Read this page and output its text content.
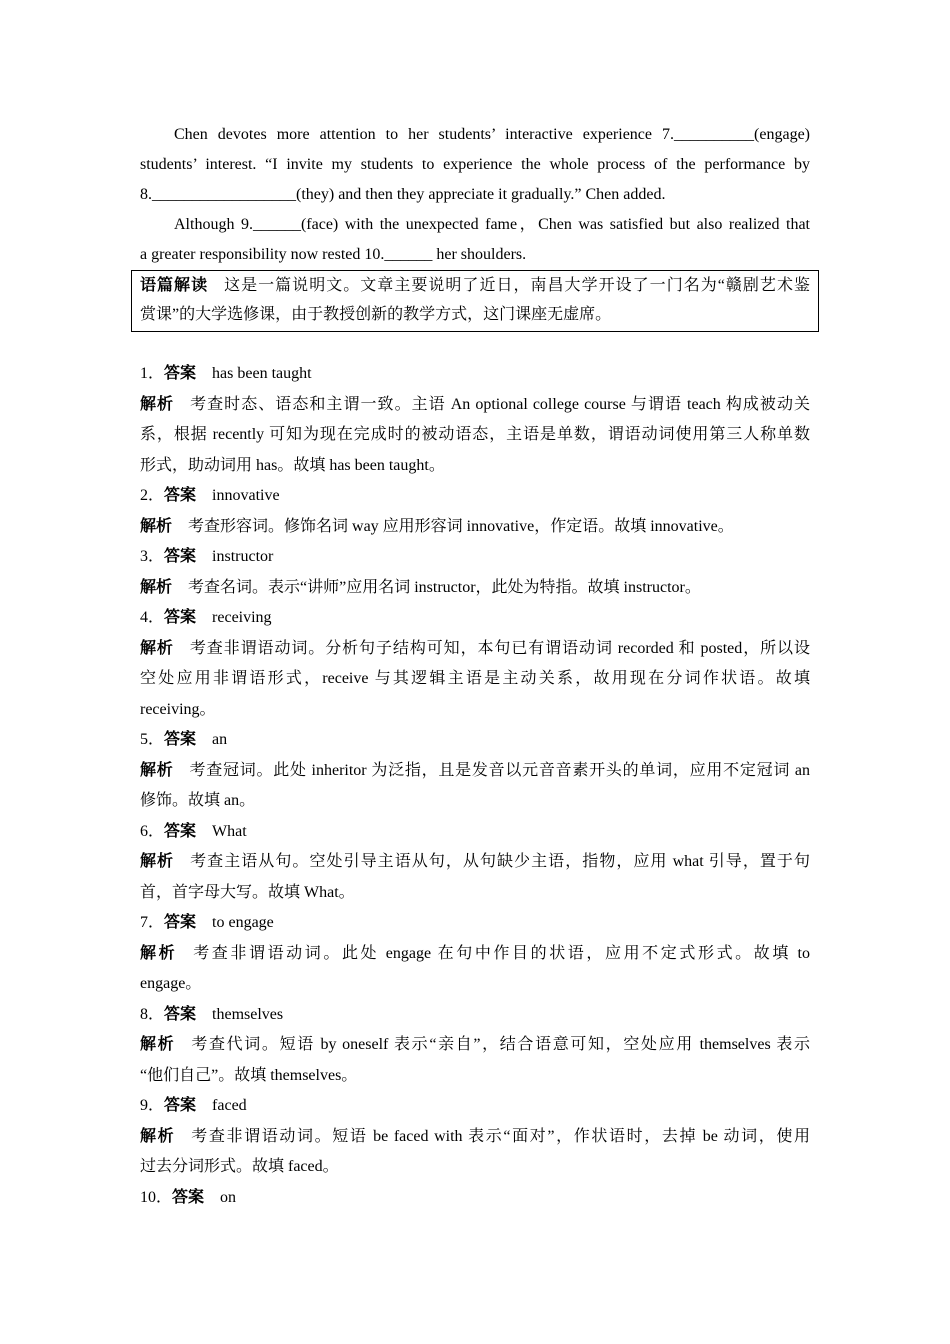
Chen devotes more attention to her students’ interactive experience 7.__________(engage)
students’ interest. “I invite my students to experience the whole process of the performance by
8.__________________(they) and then they appreciate it gradually.” Chen added.
Although 9.______(face) with the unexpected fame，Chen was satisfied but also realized that
a greater responsibility now rested 10.______ her shoulders.
语篇解读 这是一篇说明文。文章主要说明了近日，南昌大学开设了一门名为“赣剧艺术鉴
赏课”的大学选修课，由于教授创新的教学方式，这门课座无虚席。
1．答案 has been taught
解析 考查时态、语态和主谓一致。主语 An optional college course 与谓语 teach 构成被动关
系，根据 recently 可知为现在完成时的被动语态，主语是单数，谓语动词使用第三人称单数
形式，助动词用 has。故填 has been taught。
2．答案 innovative
解析 考查形容词。修饰名词 way 应用形容词 innovative，作定语。故填 innovative。
3．答案 instructor
解析 考查名词。表示“讲师”应用名词 instructor，此处为特指。故填 instructor。
4．答案 receiving
解析 考查非谓语动词。分析句子结构可知，本句已有谓语动词 recorded 和 posted，所以设
空处应用非谓语形式，receive 与其逻辑主语是主动关系，故用现在分词作状语。故填
receiving。
5．答案 an
解析 考查冠词。此处 inheritor 为泛指，且是发音以元音音素开头的单词，应用不定冠词 an
修饰。故填 an。
6．答案 What
解析 考查主语从句。空处引导主语从句，从句缺少主语，指物，应用 what 引导，置于句
首，首字母大写。故填 What。
7．答案 to engage
解析 考查非谓语动词。此处 engage 在句中作目的状语，应用不定式形式。故填 to
engage。
8．答案 themselves
解析 考查代词。短语 by oneself 表示“亲自”，结合语意可知，空处应用 themselves 表示
“他们自己”。故填 themselves。
9．答案 faced
解析 考查非谓语动词。短语 be faced with 表示“面对”，作状语时，去掉 be 动词，使用
过去分词形式。故填 faced。
10．答案 on
